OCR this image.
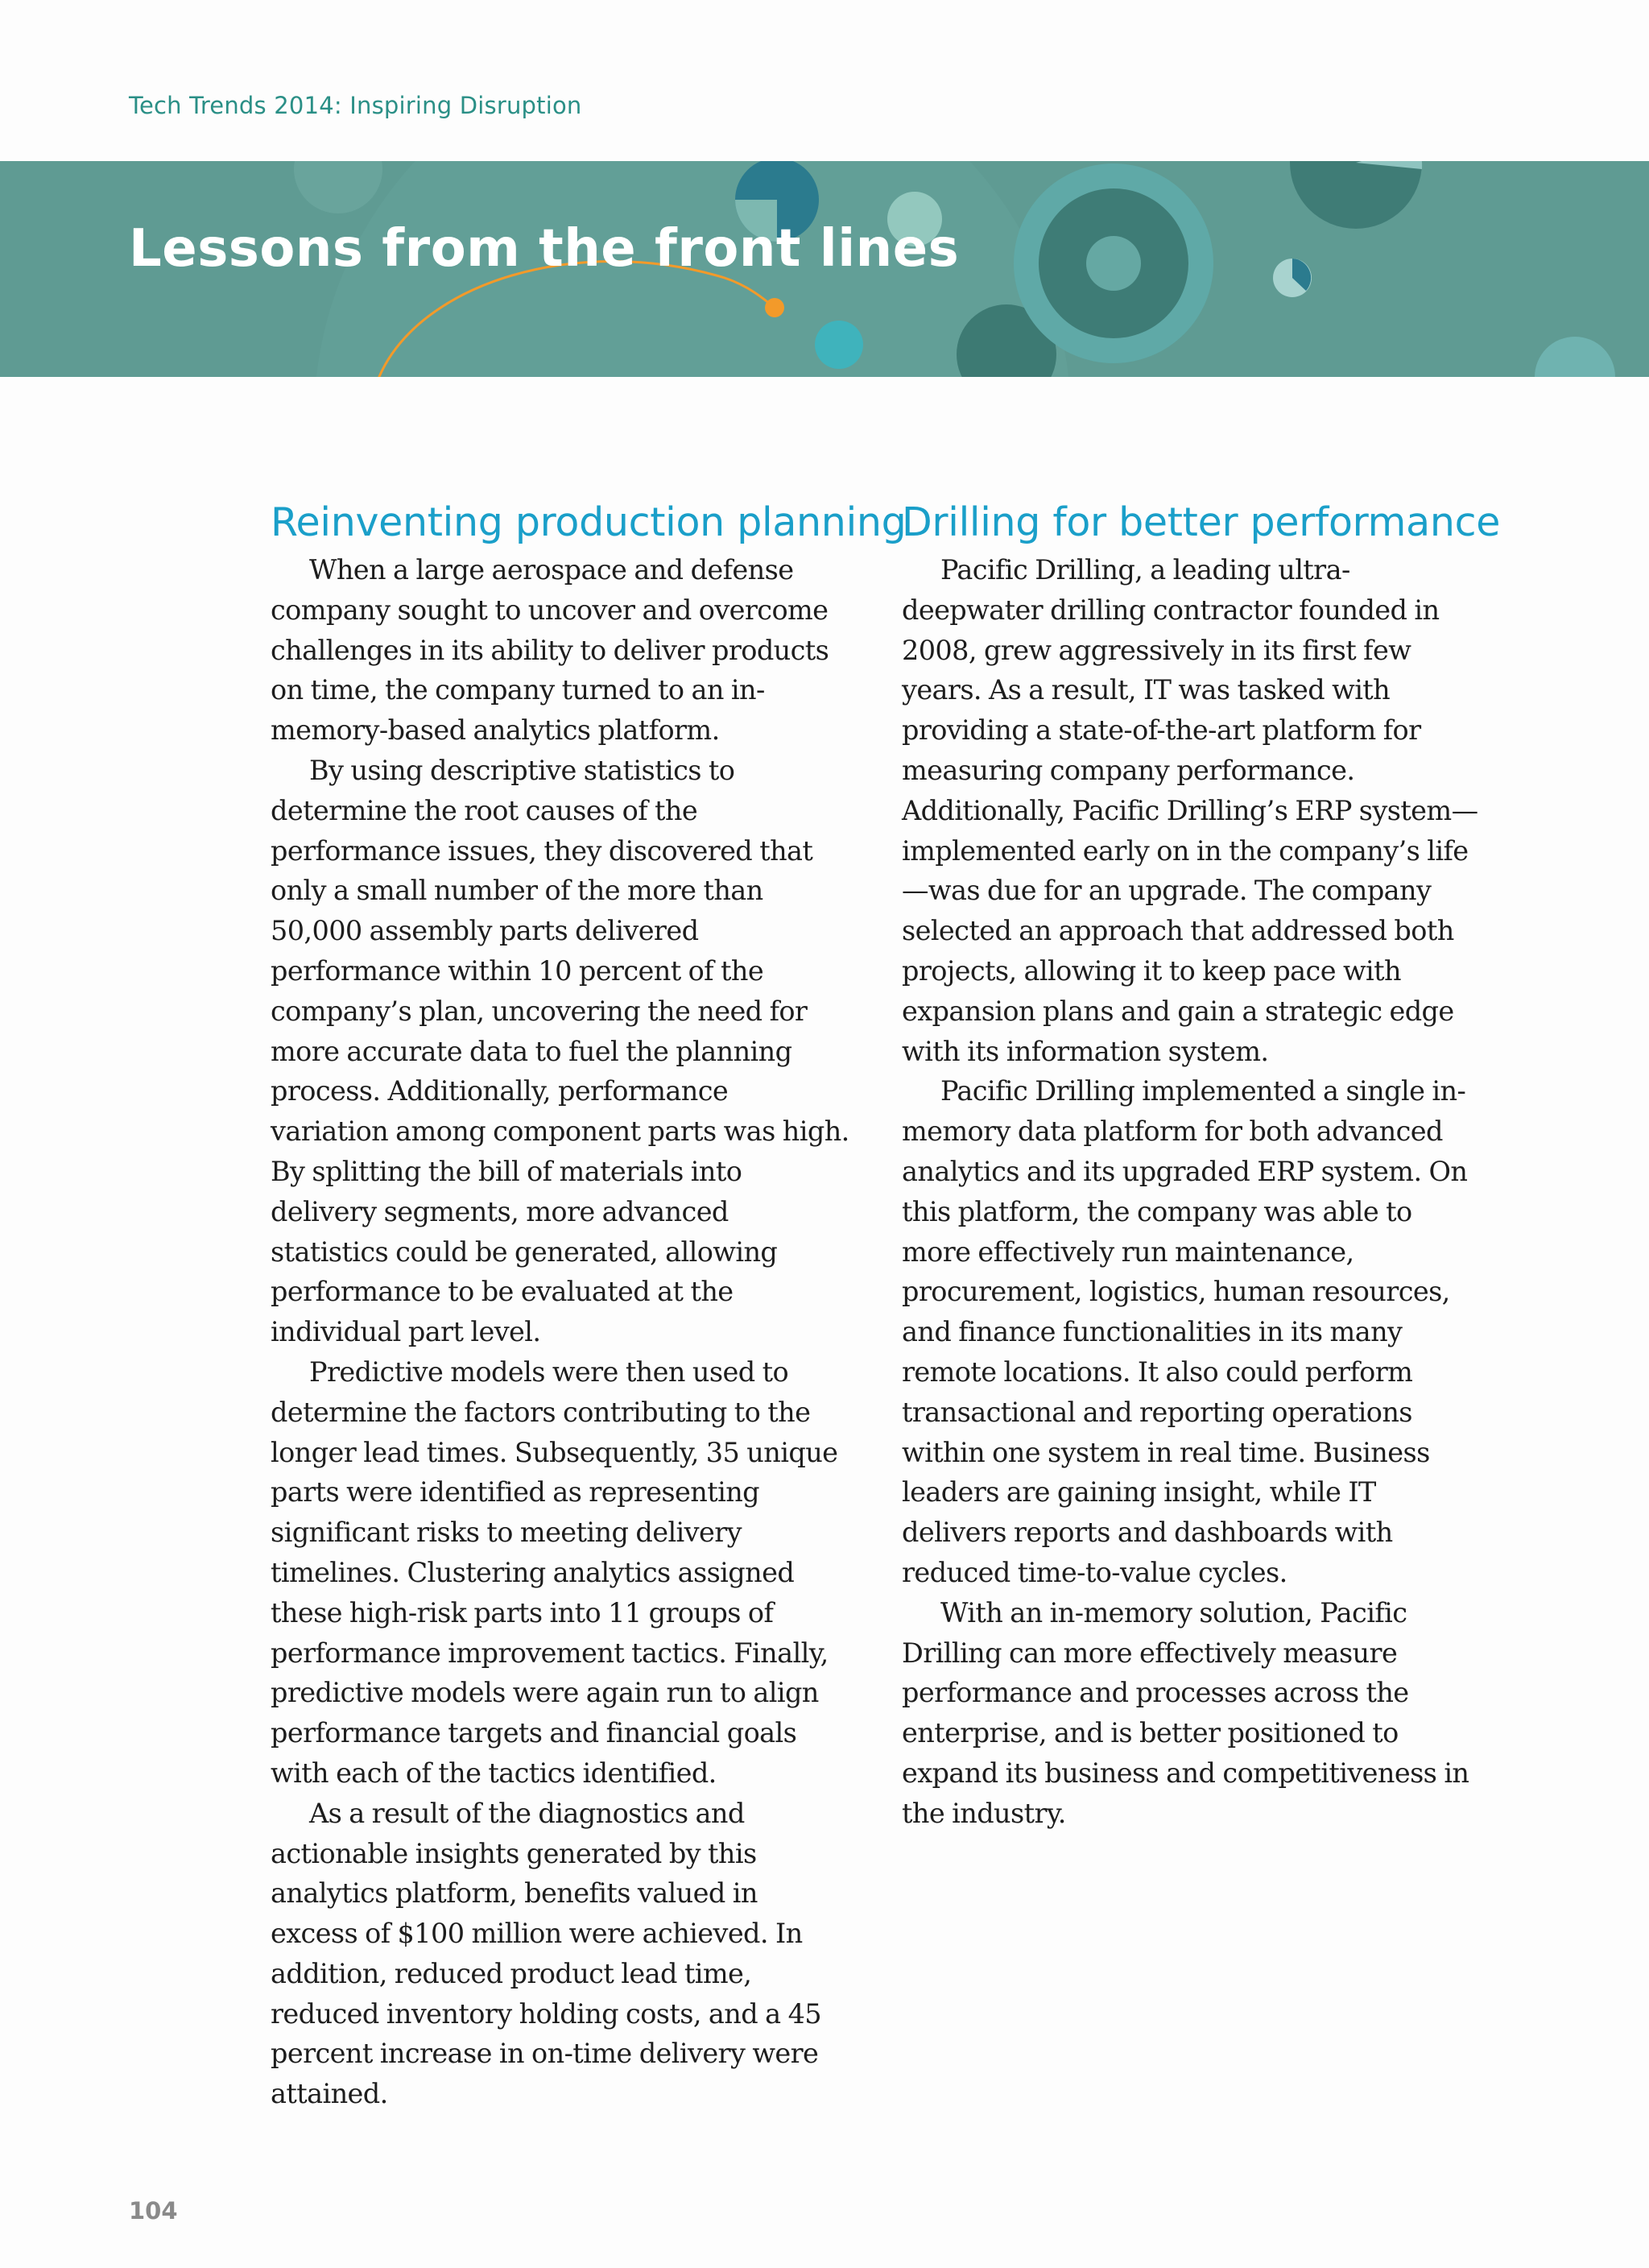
Tech Trends 2014: Inspiring Disruption
Lessons from the front lines
Reinventing production planning

When a large aerospace and defense company sought to uncover and overcome challenges in its ability to deliver products on time, the company turned to an in-memory-based analytics platform.

By using descriptive statistics to determine the root causes of the performance issues, they discovered that only a small number of the more than 50,000 assembly parts delivered performance within 10 percent of the company’s plan, uncovering the need for more accurate data to fuel the planning process. Additionally, performance variation among component parts was high. By splitting the bill of materials into delivery segments, more advanced statistics could be generated, allowing performance to be evaluated at the individual part level.

Predictive models were then used to determine the factors contributing to the longer lead times. Subsequently, 35 unique parts were identified as representing significant risks to meeting delivery timelines. Clustering analytics assigned these high-risk parts into 11 groups of performance improvement tactics. Finally, predictive models were again run to align performance targets and financial goals with each of the tactics identified.

As a result of the diagnostics and actionable insights generated by this analytics platform, benefits valued in excess of $100 million were achieved. In addition, reduced product lead time, reduced inventory holding costs, and a 45 percent increase in on-time delivery were attained.

Drilling for better performance

Pacific Drilling, a leading ultra-deepwater drilling contractor founded in 2008, grew aggressively in its first few years. As a result, IT was tasked with providing a state-of-the-art platform for measuring company performance. Additionally, Pacific Drilling’s ERP system—implemented early on in the company’s life—was due for an upgrade. The company selected an approach that addressed both projects, allowing it to keep pace with expansion plans and gain a strategic edge with its information system.

Pacific Drilling implemented a single in-memory data platform for both advanced analytics and its upgraded ERP system. On this platform, the company was able to more effectively run maintenance, procurement, logistics, human resources, and finance functionalities in its many remote locations. It also could perform transactional and reporting operations within one system in real time. Business leaders are gaining insight, while IT delivers reports and dashboards with reduced time-to-value cycles.

With an in-memory solution, Pacific Drilling can more effectively measure performance and processes across the enterprise, and is better positioned to expand its business and competitiveness in the industry.

104
